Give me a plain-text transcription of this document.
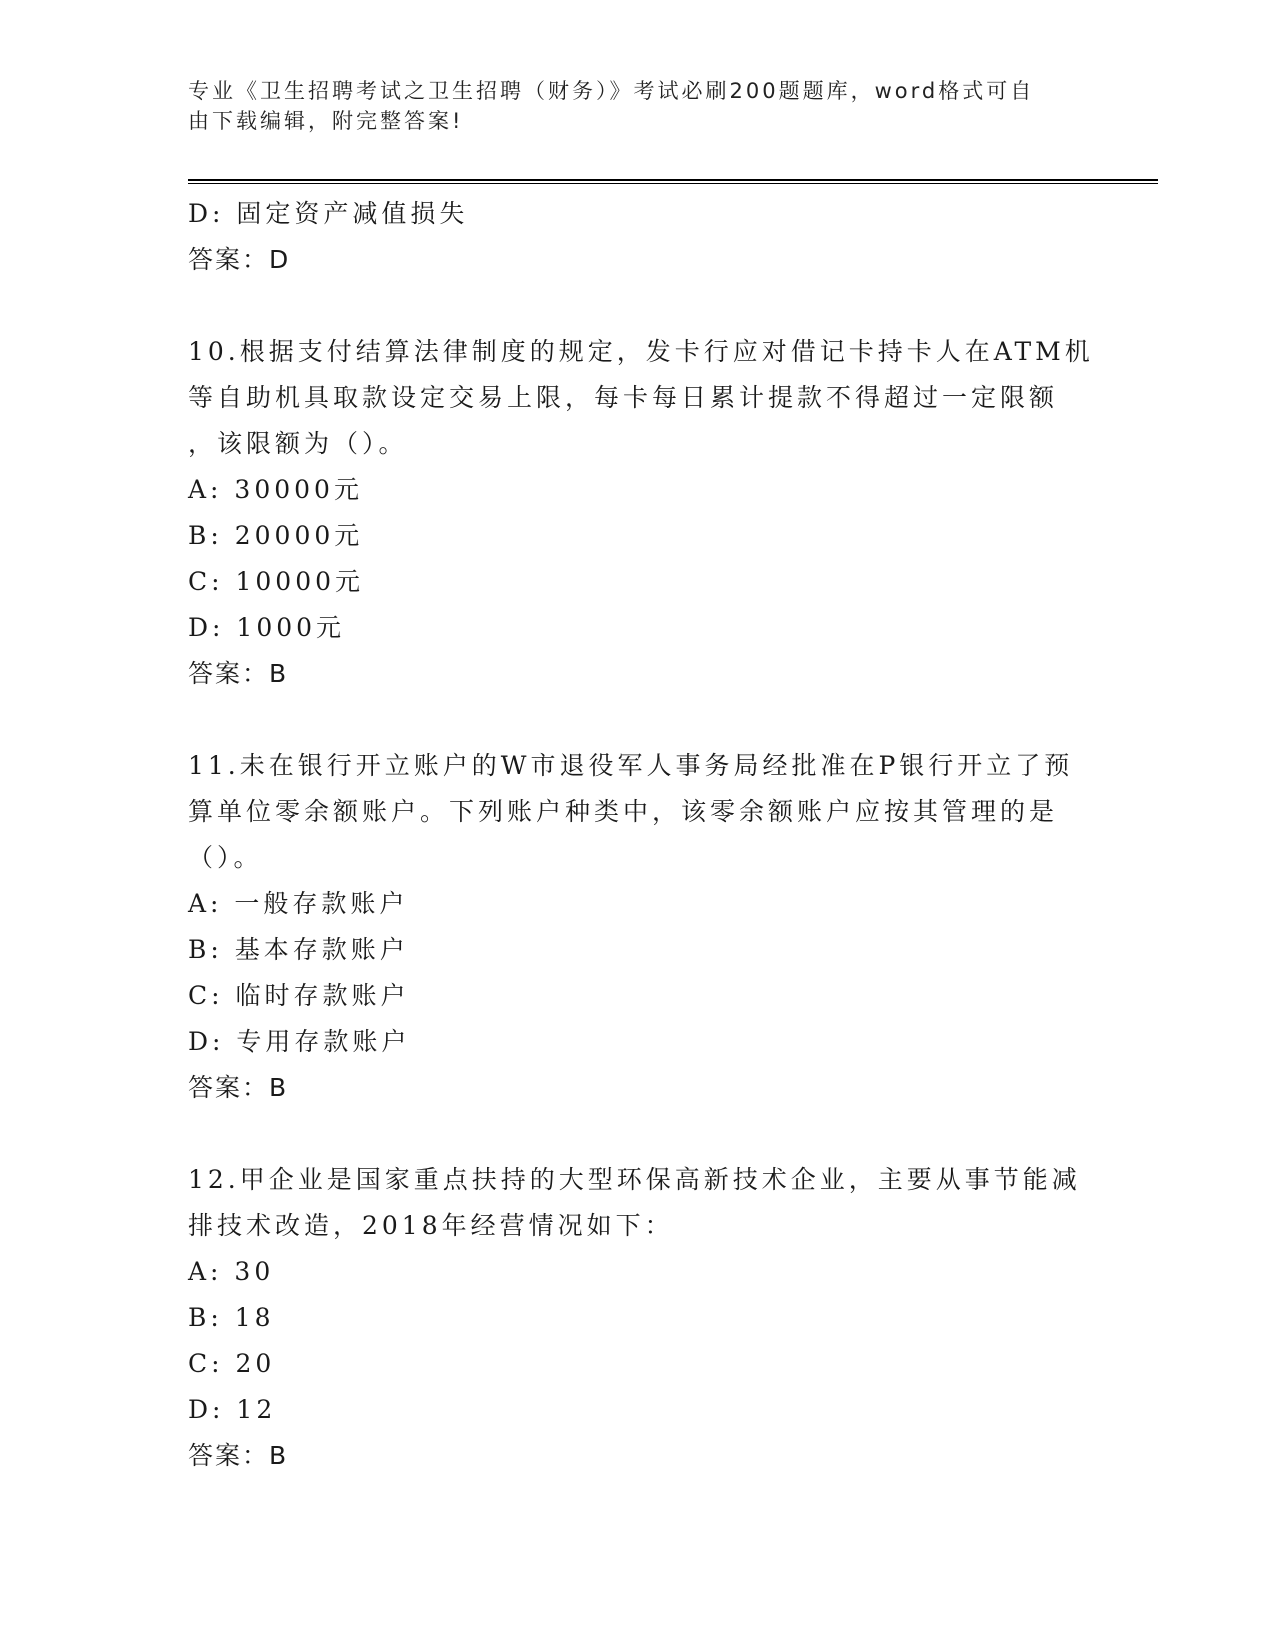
专业《卫生招聘考试之卫生招聘（财务）》考试必刷200题题库，word格式可自
由下载编辑，附完整答案!
D: 固定资产减值损失
答案：D
10.根据支付结算法律制度的规定，发卡行应对借记卡持卡人在ATM机
等自助机具取款设定交易上限，每卡每日累计提款不得超过一定限额
，该限额为（）。
A: 30000元
B: 20000元
C: 10000元
D: 1000元
答案：B
11.未在银行开立账户的W市退役军人事务局经批准在P银行开立了预
算单位零余额账户。下列账户种类中，该零余额账户应按其管理的是
（）。
A: 一般存款账户
B: 基本存款账户
C: 临时存款账户
D: 专用存款账户
答案：B
12.甲企业是国家重点扶持的大型环保高新技术企业，主要从事节能减
排技术改造，2018年经营情况如下：
A: 30
B: 18
C: 20
D: 12
答案：B
